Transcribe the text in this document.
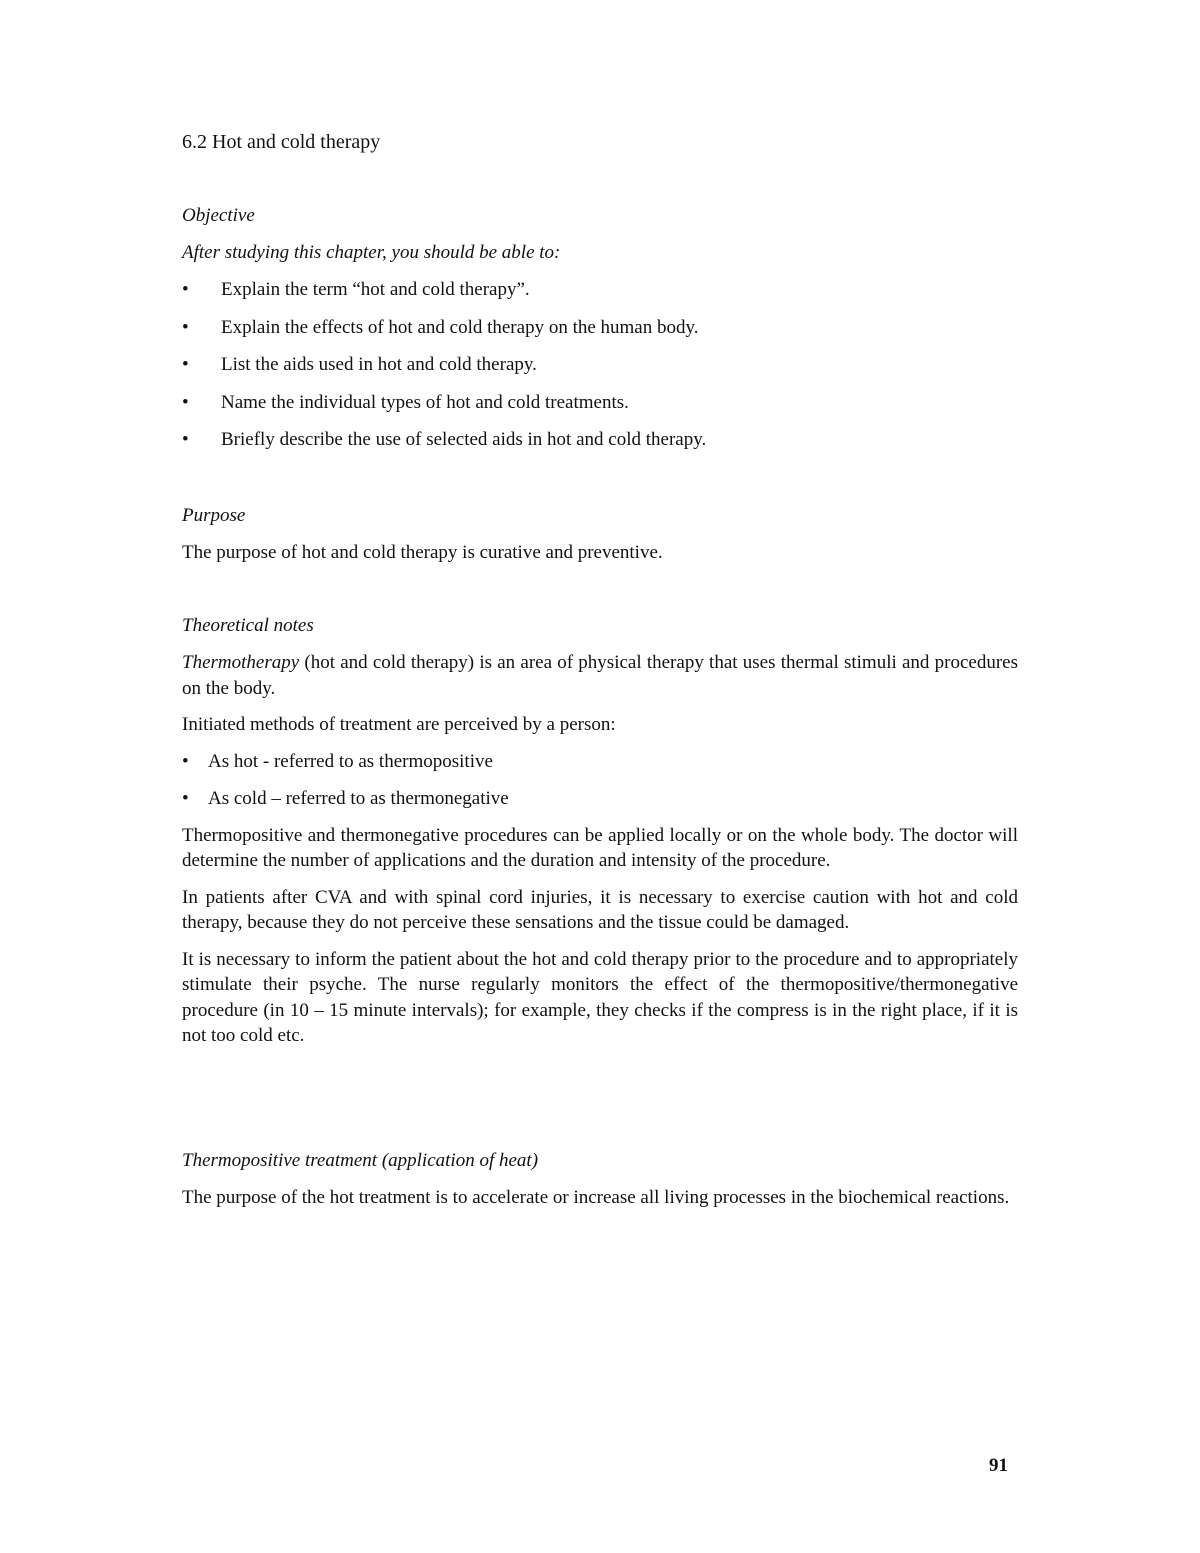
6.2 Hot and cold therapy

Objective

After studying this chapter, you should be able to:

• Explain the term “hot and cold therapy”.
• Explain the effects of hot and cold therapy on the human body.
• List the aids used in hot and cold therapy.
• Name the individual types of hot and cold treatments.
• Briefly describe the use of selected aids in hot and cold therapy.

Purpose

The purpose of hot and cold therapy is curative and preventive.

Theoretical notes

Thermotherapy (hot and cold therapy) is an area of physical therapy that uses thermal stimuli and procedures on the body.

Initiated methods of treatment are perceived by a person:

• As hot - referred to as thermopositive
• As cold – referred to as thermonegative

Thermopositive and thermonegative procedures can be applied locally or on the whole body. The doctor will determine the number of applications and the duration and intensity of the procedure.

In patients after CVA and with spinal cord injuries, it is necessary to exercise caution with hot and cold therapy, because they do not perceive these sensations and the tissue could be damaged.

It is necessary to inform the patient about the hot and cold therapy prior to the procedure and to appropriately stimulate their psyche. The nurse regularly monitors the effect of the thermopositive/thermonegative procedure (in 10 – 15 minute intervals); for example, they checks if the compress is in the right place, if it is not too cold etc.

Thermopositive treatment (application of heat)

The purpose of the hot treatment is to accelerate or increase all living processes in the biochemical reactions.

91
